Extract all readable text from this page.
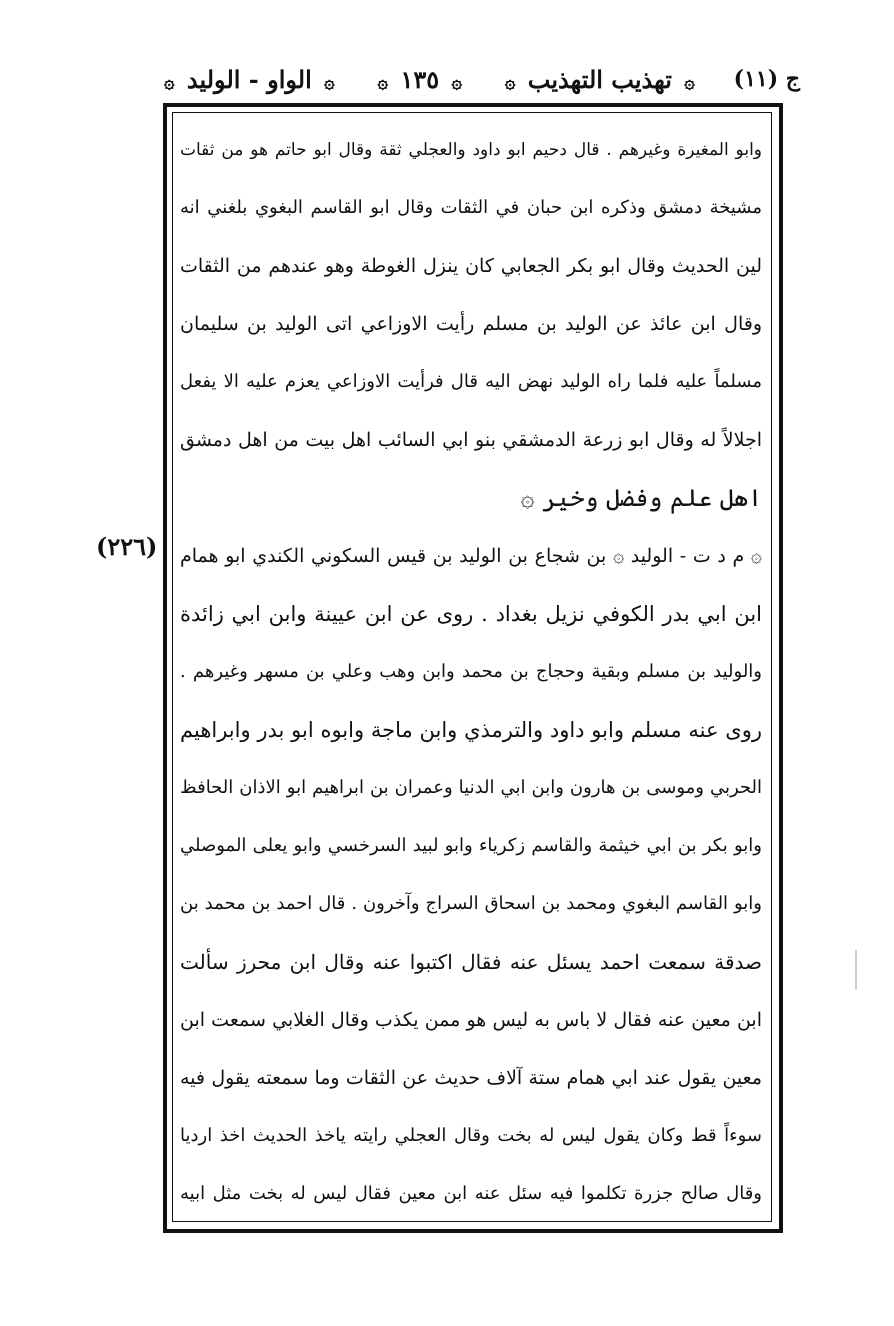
ج (١١)
۞ تهذيب التهذيب ۞
۞ ١٣٥ ۞
۞ الواو - الوليد ۞
(٢٢٦)
وابو المغيرة وغيرهم . قال دحيم ابو داود والعجلي ثقة وقال ابو حاتم هو من ثقات
مشيخة دمشق وذكره ابن حبان في الثقات وقال ابو القاسم البغوي بلغني انه
لين الحديث وقال ابو بكر الجعابي كان ينزل الغوطة وهو عندهم من الثقات
وقال ابن عائذ عن الوليد بن مسلم رأيت الاوزاعي اتى الوليد بن سليمان
مسلماً عليه فلما راه الوليد نهض اليه قال فرأيت الاوزاعي يعزم عليه الا يفعل
اجلالاً له وقال ابو زرعة الدمشقي بنو ابي السائب اهل بيت من اهل دمشق
اهل علم وفضل وخير ۞
۞ م د ت - الوليد ۞ بن شجاع بن الوليد بن قيس السكوني الكندي ابو همام
ابن ابي بدر الكوفي نزيل بغداد . روى عن ابن عيينة وابن ابي زائدة
والوليد بن مسلم وبقية وحجاج بن محمد وابن وهب وعلي بن مسهر وغيرهم .
روى عنه مسلم وابو داود والترمذي وابن ماجة وابوه ابو بدر وابراهيم
الحربي وموسى بن هارون وابن ابي الدنيا وعمران بن ابراهيم ابو الاذان الحافظ
وابو بكر بن ابي خيثمة والقاسم زكرياء وابو لبيد السرخسي وابو يعلى الموصلي
وابو القاسم البغوي ومحمد بن اسحاق السراج وآخرون . قال احمد بن محمد بن
صدقة سمعت احمد يسئل عنه فقال اكتبوا عنه وقال ابن محرز سألت
ابن معين عنه فقال لا باس به ليس هو ممن يكذب وقال الغلابي سمعت ابن
معين يقول عند ابي همام ستة آلاف حديث عن الثقات وما سمعته يقول فيه
سوءاً قط وكان يقول ليس له بخت وقال العجلي رايته ياخذ الحديث اخذ ارديا
وقال صالح جزرة تكلموا فيه سئل عنه ابن معين فقال ليس له بخت مثل ابيه
